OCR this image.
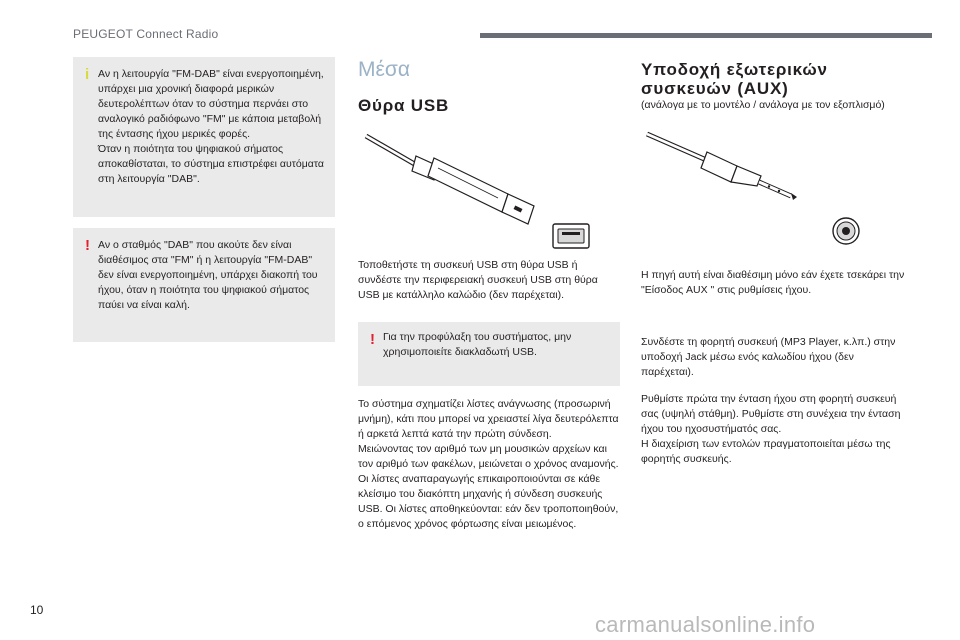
PEUGEOT Connect Radio
i Αν η λειτουργία "FM-DAB" είναι ενεργοποιημένη, υπάρχει μια χρονική διαφορά μερικών δευτερολέπτων όταν το σύστημα περνάει στο αναλογικό ραδιόφωνο "FM" με κάποια μεταβολή της έντασης ήχου μερικές φορές.

Όταν η ποιότητα του ψηφιακού σήματος αποκαθίσταται, το σύστημα επιστρέφει αυτόματα στη λειτουργία "DAB".

! Αν ο σταθμός "DAB" που ακούτε δεν είναι διαθέσιμος στα "FM" ή η λειτουργία "FM-DAB" δεν είναι ενεργοποιημένη, υπάρχει διακοπή του ήχου, όταν η ποιότητα του ψηφιακού σήματος παύει να είναι καλή.

Μέσα
Θύρα USB

Τοποθετήστε τη συσκευή USB στη θύρα USB ή συνδέστε την περιφερειακή συσκευή USB στη θύρα USB με κατάλληλο καλώδιο (δεν παρέχεται).

! Για την προφύλαξη του συστήματος, μην χρησιμοποιείτε διακλαδωτή USB.

Το σύστημα σχηματίζει λίστες ανάγνωσης (προσωρινή μνήμη), κάτι που μπορεί να χρειαστεί λίγα δευτερόλεπτα ή αρκετά λεπτά κατά την πρώτη σύνδεση.

Μειώνοντας τον αριθμό των μη μουσικών αρχείων και τον αριθμό των φακέλων, μειώνεται ο χρόνος αναμονής.

Οι λίστες αναπαραγωγής επικαιροποιούνται σε κάθε κλείσιμο του διακόπτη μηχανής ή σύνδεση συσκευής USB. Οι λίστες αποθηκεύονται: εάν δεν τροποποιηθούν, ο επόμενος χρόνος φόρτωσης είναι μειωμένος.

Υποδοχή εξωτερικών
συσκευών (AUX)
(ανάλογα με το μοντέλο / ανάλογα με τον εξοπλισμό)
Η πηγή αυτή είναι διαθέσιμη μόνο εάν έχετε τσεκάρει την "Είσοδος AUX " στις ρυθμίσεις ήχου.
Συνδέστε τη φορητή συσκευή (MP3 Player, κ.λπ.) στην υποδοχή Jack μέσω ενός καλωδίου ήχου (δεν παρέχεται).

Ρυθμίστε πρώτα την ένταση ήχου στη φορητή συσκευή σας (υψηλή στάθμη). Ρυθμίστε στη συνέχεια την ένταση ήχου του ηχοσυστήματός σας.

Η διαχείριση των εντολών πραγματοποιείται μέσω της φορητής συσκευής.

10
carmanualsonline.info
